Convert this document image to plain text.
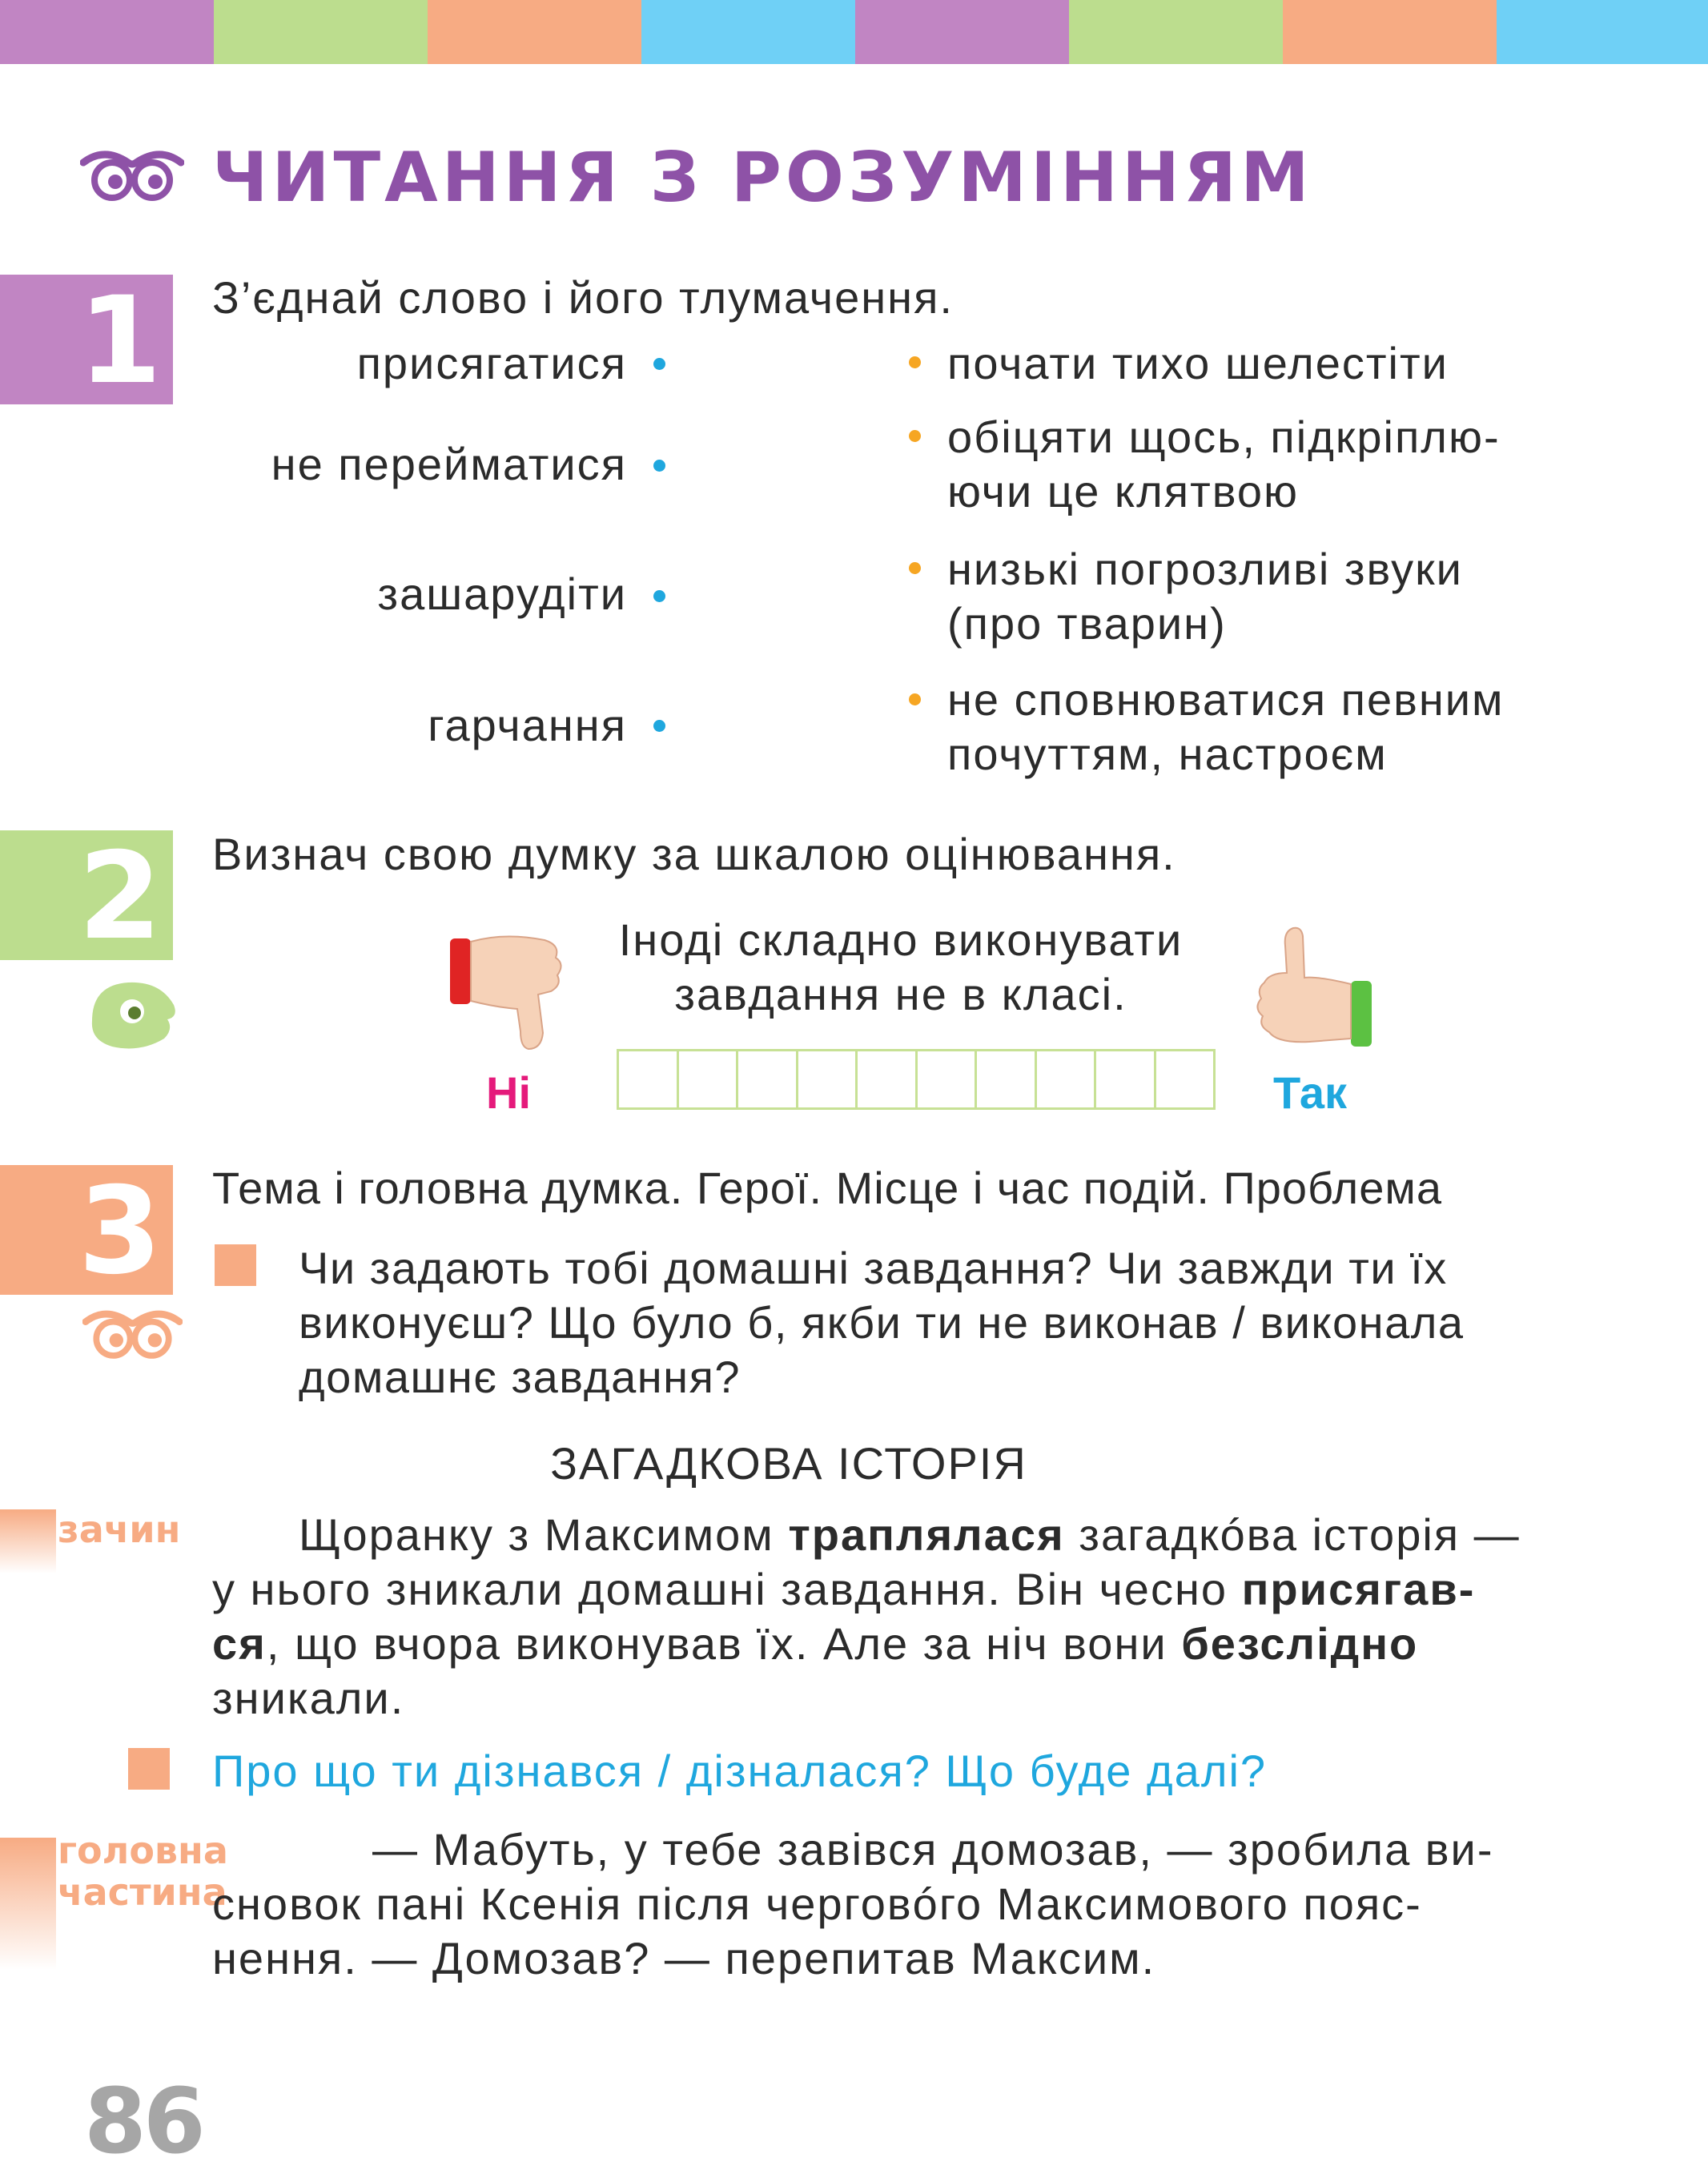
ЧИТАННЯ З РОЗУМІННЯМ
1 З’єднай слово і його тлумачення.
присягатися
не перейматися
зашарудіти
гарчання
почати тихо шелестіти
обіцяти щось, підкріплю-
ючи це клятвою
низькі погрозливі звуки
(про тварин)
не сповнюватися певним
почуттям, настроєм
2 Визнач свою думку за шкалою оцінювання.
Іноді складно виконувати
завдання не в класі.
Ні	Так
3 Тема і головна думка. Герої. Місце і час подій. Проблема
Чи задають тобі домашні завдання? Чи завжди ти їх
виконуєш? Що було б, якби ти не виконав / виконала
домашнє завдання?
ЗАГАДКОВА ІСТОРІЯ
зачин	Щоранку з Максимом траплялася загадкóва історія —
у нього зникали домашні завдання. Він чесно присягав-
ся, що вчора виконував їх. Але за ніч вони безслідно
зникали.
Про що ти дізнався / дізналася? Що буде далі?
головна
частина
— Мабуть, у тебе завівся домозав, — зробила ви-
сновок пані Ксенія після черговóго Максимового пояс-
нення. — Домозав? — перепитав Максим.
86
